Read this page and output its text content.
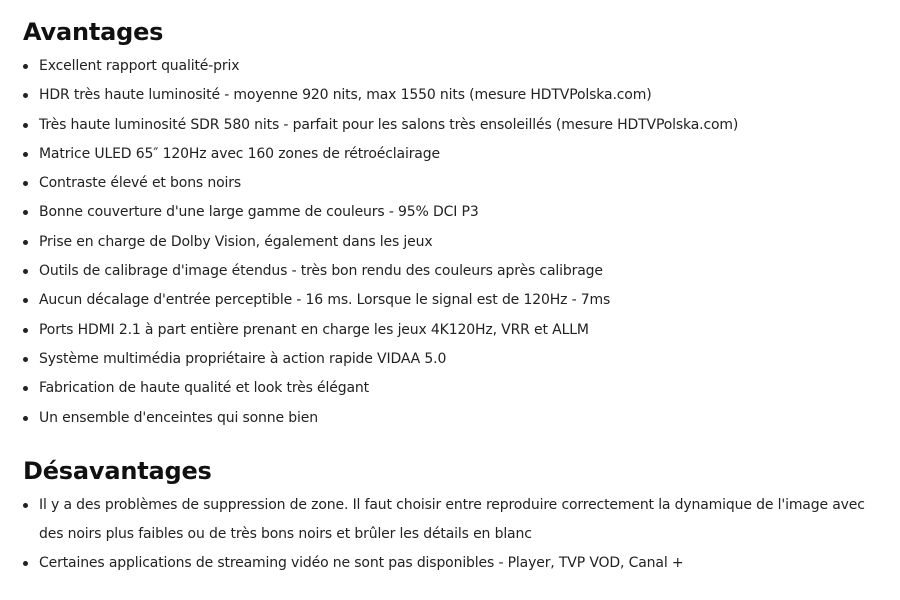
Avantages
Excellent rapport qualité-prix
HDR très haute luminosité - moyenne 920 nits, max 1550 nits (mesure HDTVPolska.com)
Très haute luminosité SDR 580 nits - parfait pour les salons très ensoleillés (mesure HDTVPolska.com)
Matrice ULED 65″ 120Hz avec 160 zones de rétroéclairage
Contraste élevé et bons noirs
Bonne couverture d'une large gamme de couleurs - 95% DCI P3
Prise en charge de Dolby Vision, également dans les jeux
Outils de calibrage d'image étendus - très bon rendu des couleurs après calibrage
Aucun décalage d'entrée perceptible - 16 ms. Lorsque le signal est de 120Hz - 7ms
Ports HDMI 2.1 à part entière prenant en charge les jeux 4K120Hz, VRR et ALLM
Système multimédia propriétaire à action rapide VIDAA 5.0
Fabrication de haute qualité et look très élégant
Un ensemble d'enceintes qui sonne bien
Désavantages
Il y a des problèmes de suppression de zone. Il faut choisir entre reproduire correctement la dynamique de l'image avec des noirs plus faibles ou de très bons noirs et brûler les détails en blanc
Certaines applications de streaming vidéo ne sont pas disponibles - Player, TVP VOD, Canal +
